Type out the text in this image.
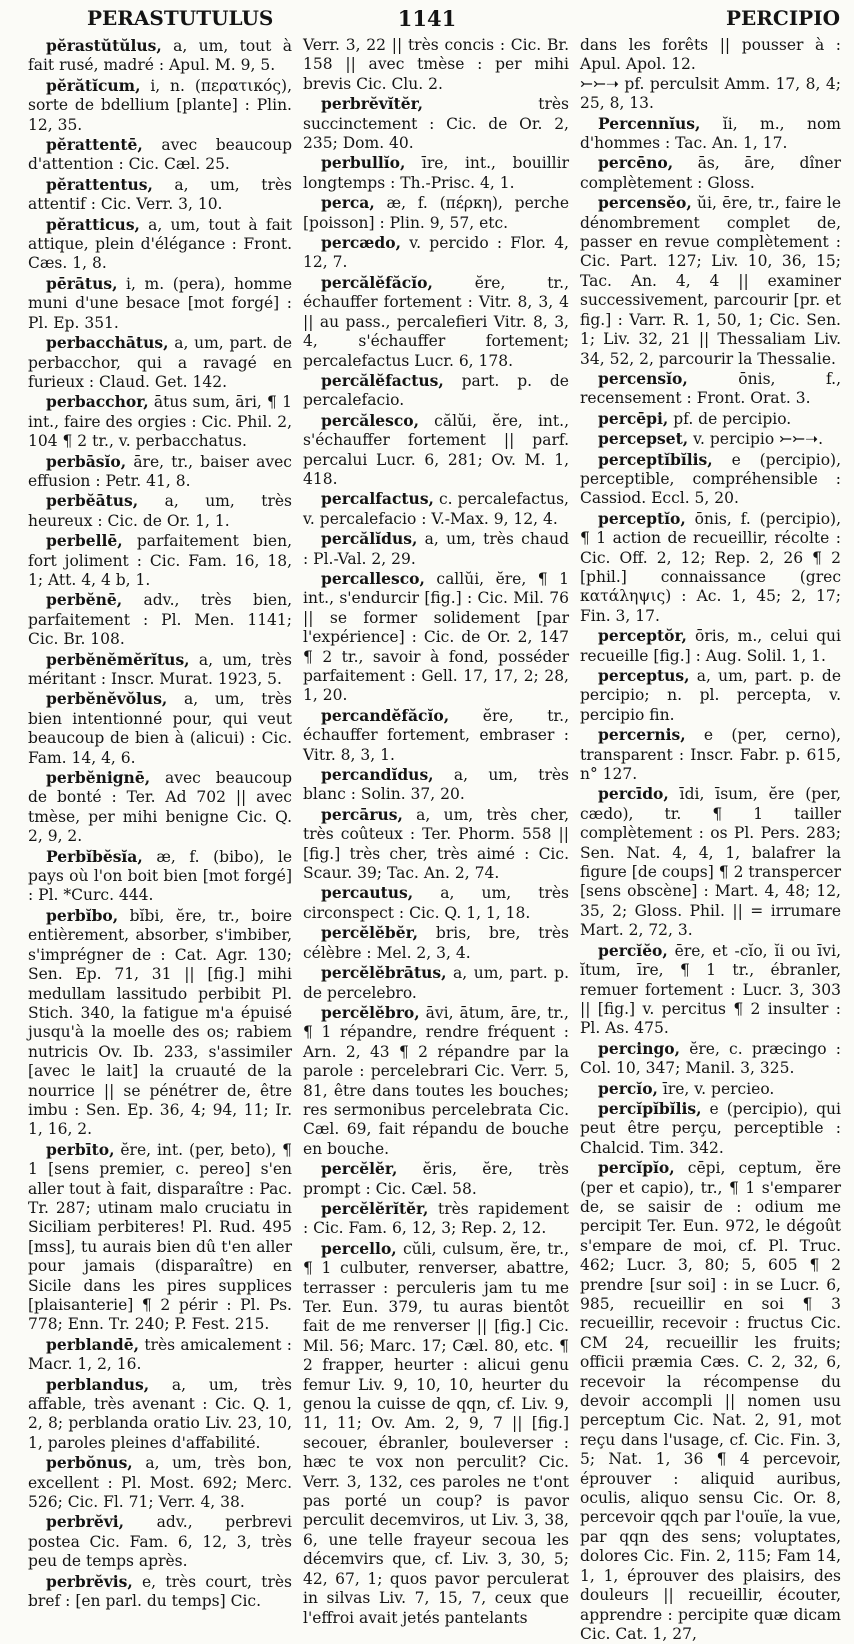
PERASTUTULUS	1141	PERCIPIO

pĕrastŭtŭlus, a, um, tout à fait rusé, madré : Apul. M. 9, 5.

pĕrătĭcum, i, n. (περατικός), sorte de bdellium [plante] : Plin. 12, 35.

pĕrattentē, avec beaucoup d'attention : Cic. Cæl. 25.

pĕrattentus, a, um, très attentif : Cic. Verr. 3, 10.

pĕratticus, a, um, tout à fait attique, plein d'élégance : Front. Cæs. 1, 8.

pērātus, i, m. (pera), homme muni d'une besace [mot forgé] : Pl. Ep. 351.

perbacchātus, a, um, part. de perbacchor, qui a ravagé en furieux : Claud. Get. 142.

perbacchor, ātus sum, āri, ¶ 1 int., faire des orgies : Cic. Phil. 2, 104 ¶ 2 tr., v. perbacchatus.

perbāsĭo, āre, tr., baiser avec effusion : Petr. 41, 8.

perbĕātus, a, um, très heureux : Cic. de Or. 1, 1.

perbellē, parfaitement bien, fort joliment : Cic. Fam. 16, 18, 1; Att. 4, 4 b, 1.

perbĕnē, adv., très bien, parfaitement : Pl. Men. 1141; Cic. Br. 108.

perbĕnĕmĕrĭtus, a, um, très méritant : Inscr. Murat. 1923, 5.

perbĕnĕvŏlus, a, um, très bien intentionné pour, qui veut beaucoup de bien à (alicui) : Cic. Fam. 14, 4, 6.

perbĕnignē, avec beaucoup de bonté : Ter. Ad 702 || avec tmèse, per mihi benigne Cic. Q. 2, 9, 2.

Perbĭbĕsĭa, æ, f. (bibo), le pays où l'on boit bien [mot forgé] : Pl. *Curc. 444.

perbĭbo, bĭbi, ĕre, tr., boire entièrement, absorber, s'imbiber, s'imprégner de : Cat. Agr. 130; Sen. Ep. 71, 31 || [fig.] mihi medullam lassitudo perbibit Pl. Stich. 340, la fatigue m'a épuisé jusqu'à la moelle des os; rabiem nutricis Ov. Ib. 233, s'assimiler [avec le lait] la cruauté de la nourrice || se pénétrer de, être imbu : Sen. Ep. 36, 4; 94, 11; Ir. 1, 16, 2.

perbīto, ĕre, int. (per, beto), ¶ 1 [sens premier, c. pereo] s'en aller tout à fait, disparaître : Pac. Tr. 287; utinam malo cruciatu in Siciliam perbiteres! Pl. Rud. 495 [mss], tu aurais bien dû t'en aller pour jamais (disparaître) en Sicile dans les pires supplices [plaisanterie] ¶ 2 périr : Pl. Ps. 778; Enn. Tr. 240; P. Fest. 215.

perblandē, très amicalement : Macr. 1, 2, 16.

perblandus, a, um, très affable, très avenant : Cic. Q. 1, 2, 8; perblanda oratio Liv. 23, 10, 1, paroles pleines d'affabilité.

perbŏnus, a, um, très bon, excellent : Pl. Most. 692; Merc. 526; Cic. Fl. 71; Verr. 4, 38.

perbrĕvi, adv., perbrevi postea Cic. Fam. 6, 12, 3, très peu de temps après.

perbrĕvis, e, très court, très bref : [en parl. du temps] Cic.

Verr. 3, 22 || très concis : Cic. Br. 158 || avec tmèse : per mihi brevis Cic. Clu. 2.

perbrĕvĭtĕr, très succinctement : Cic. de Or. 2, 235; Dom. 40.

perbullĭo, īre, int., bouillir longtemps : Th.-Prisc. 4, 1.

perca, æ, f. (πέρκη), perche [poisson] : Plin. 9, 57, etc.

percædo, v. percido : Flor. 4, 12, 7.

percălĕfăcĭo, ĕre, tr., échauffer fortement : Vitr. 8, 3, 4 || au pass., percalefieri Vitr. 8, 3, 4, s'échauffer fortement; percalefactus Lucr. 6, 178.

percălĕfactus, part. p. de percalefacio.

percălesco, călŭi, ĕre, int., s'échauffer fortement || parf. percalui Lucr. 6, 281; Ov. M. 1, 418.

percalfactus, c. percalefactus, v. percalefacio : V.-Max. 9, 12, 4.

percălĭdus, a, um, très chaud : Pl.-Val. 2, 29.

percallesco, callŭi, ĕre, ¶ 1 int., s'endurcir [fig.] : Cic. Mil. 76 || se former solidement [par l'expérience] : Cic. de Or. 2, 147 ¶ 2 tr., savoir à fond, posséder parfaitement : Gell. 17, 17, 2; 28, 1, 20.

percandĕfăcĭo, ĕre, tr., échauffer fortement, embraser : Vitr. 8, 3, 1.

percandĭdus, a, um, très blanc : Solin. 37, 20.

percārus, a, um, très cher, très coûteux : Ter. Phorm. 558 || [fig.] très cher, très aimé : Cic. Scaur. 39; Tac. An. 2, 74.

percautus, a, um, très circonspect : Cic. Q. 1, 1, 18.

percĕlĕbĕr, bris, bre, très célèbre : Mel. 2, 3, 4.

percĕlĕbrātus, a, um, part. p. de percelebro.

percĕlĕbro, āvi, ātum, āre, tr., ¶ 1 répandre, rendre fréquent : Arn. 2, 43 ¶ 2 répandre par la parole : percelebrari Cic. Verr. 5, 81, être dans toutes les bouches; res sermonibus percelebrata Cic. Cæl. 69, fait répandu de bouche en bouche.

percĕlĕr, ĕris, ĕre, très prompt : Cic. Cæl. 58.

percĕlĕrĭtĕr, très rapidement : Cic. Fam. 6, 12, 3; Rep. 2, 12.

percello, cŭli, culsum, ĕre, tr., ¶ 1 culbuter, renverser, abattre, terrasser : perculeris jam tu me Ter. Eun. 379, tu auras bientôt fait de me renverser || [fig.] Cic. Mil. 56; Marc. 17; Cæl. 80, etc. ¶ 2 frapper, heurter : alicui genu femur Liv. 9, 10, 10, heurter du genou la cuisse de qqn, cf. Liv. 9, 11, 11; Ov. Am. 2, 9, 7 || [fig.] secouer, ébranler, bouleverser : hæc te vox non perculit? Cic. Verr. 3, 132, ces paroles ne t'ont pas porté un coup? is pavor perculit decemviros, ut Liv. 3, 38, 6, une telle frayeur secoua les décemvirs que, cf. Liv. 3, 30, 5; 42, 67, 1; quos pavor perculerat in silvas Liv. 7, 15, 7, ceux que l'effroi avait jetés pantelants

dans les forêts || pousser à : Apul. Apol. 12.

⤚⤚➝ pf. perculsit Amm. 17, 8, 4; 25, 8, 13.

Percennĭus, ĭi, m., nom d'hommes : Tac. An. 1, 17.

percēno, ās, āre, dîner complètement : Gloss.

percensĕo, ŭi, ēre, tr., faire le dénombrement complet de, passer en revue complètement : Cic. Part. 127; Liv. 10, 36, 15; Tac. An. 4, 4 || examiner successivement, parcourir [pr. et fig.] : Varr. R. 1, 50, 1; Cic. Sen. 1; Liv. 32, 21 || Thessaliam Liv. 34, 52, 2, parcourir la Thessalie.

percensĭo, ōnis, f., recensement : Front. Orat. 3.

percēpi, pf. de percipio.

percepset, v. percipio ⤚⤚➝.

perceptĭbĭlis, e (percipio), perceptible, compréhensible : Cassiod. Eccl. 5, 20.

perceptĭo, ōnis, f. (percipio), ¶ 1 action de recueillir, récolte : Cic. Off. 2, 12; Rep. 2, 26 ¶ 2 [phil.] connaissance (grec κατάληψις) : Ac. 1, 45; 2, 17; Fin. 3, 17.

perceptŏr, ōris, m., celui qui recueille [fig.] : Aug. Solil. 1, 1.

perceptus, a, um, part. p. de percipio; n. pl. percepta, v. percipio fin.

percernis, e (per, cerno), transparent : Inscr. Fabr. p. 615, n° 127.

percīdo, īdi, īsum, ĕre (per, cædo), tr. ¶ 1 tailler complètement : os Pl. Pers. 283; Sen. Nat. 4, 4, 1, balafrer la figure [de coups] ¶ 2 transpercer [sens obscène] : Mart. 4, 48; 12, 35, 2; Gloss. Phil. || = irrumare Mart. 2, 72, 3.

percĭĕo, ēre, et -cĭo, ĭi ou īvi, ĭtum, īre, ¶ 1 tr., ébranler, remuer fortement : Lucr. 3, 303 || [fig.] v. percitus ¶ 2 insulter : Pl. As. 475.

percingo, ĕre, c. præcingo : Col. 10, 347; Manil. 3, 325.

percĭo, īre, v. percieo.

percĭpĭbĭlis, e (percipio), qui peut être perçu, perceptible : Chalcid. Tim. 342.

percĭpĭo, cēpi, ceptum, ĕre (per et capio), tr., ¶ 1 s'emparer de, se saisir de : odium me percipit Ter. Eun. 972, le dégoût s'empare de moi, cf. Pl. Truc. 462; Lucr. 3, 80; 5, 605 ¶ 2 prendre [sur soi] : in se Lucr. 6, 985, recueillir en soi ¶ 3 recueillir, recevoir : fructus Cic. CM 24, recueillir les fruits; officii præmia Cæs. C. 2, 32, 6, recevoir la récompense du devoir accompli || nomen usu perceptum Cic. Nat. 2, 91, mot reçu dans l'usage, cf. Cic. Fin. 3, 5; Nat. 1, 36 ¶ 4 percevoir, éprouver : aliquid auribus, oculis, aliquo sensu Cic. Or. 8, percevoir qqch par l'ouïe, la vue, par qqn des sens; voluptates, dolores Cic. Fin. 2, 115; Fam 14, 1, 1, éprouver des plaisirs, des douleurs || recueillir, écouter, apprendre : percipite quæ dicam Cic. Cat. 1, 27,
